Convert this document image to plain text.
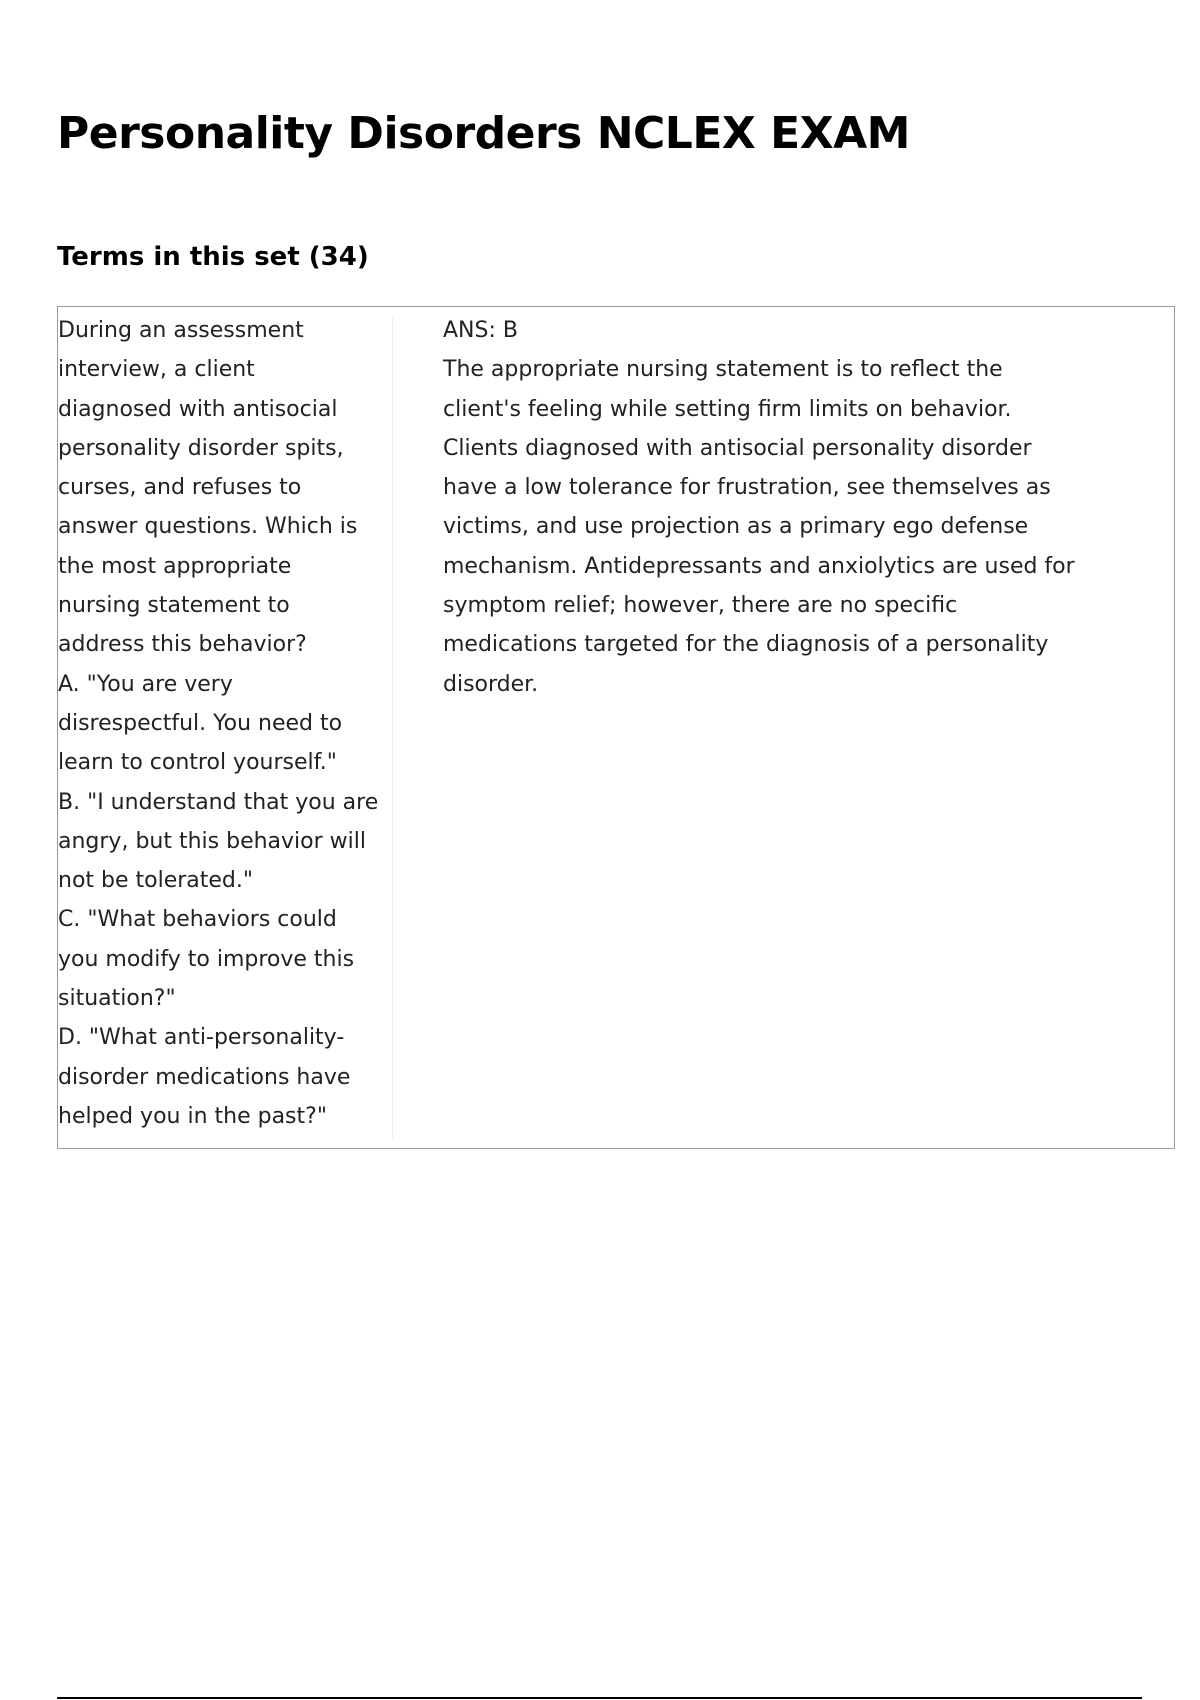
Personality Disorders NCLEX EXAM
Terms in this set (34)
During an assessment
interview, a client
diagnosed with antisocial
personality disorder spits,
curses, and refuses to
answer questions. Which is
the most appropriate
nursing statement to
address this behavior?
A. "You are very
disrespectful. You need to
learn to control yourself."
B. "I understand that you are
angry, but this behavior will
not be tolerated."
C. "What behaviors could
you modify to improve this
situation?"
D. "What anti-personality-
disorder medications have
helped you in the past?"
ANS: B
The appropriate nursing statement is to reflect the
client's feeling while setting firm limits on behavior.
Clients diagnosed with antisocial personality disorder
have a low tolerance for frustration, see themselves as
victims, and use projection as a primary ego defense
mechanism. Antidepressants and anxiolytics are used for
symptom relief; however, there are no specific
medications targeted for the diagnosis of a personality
disorder.
